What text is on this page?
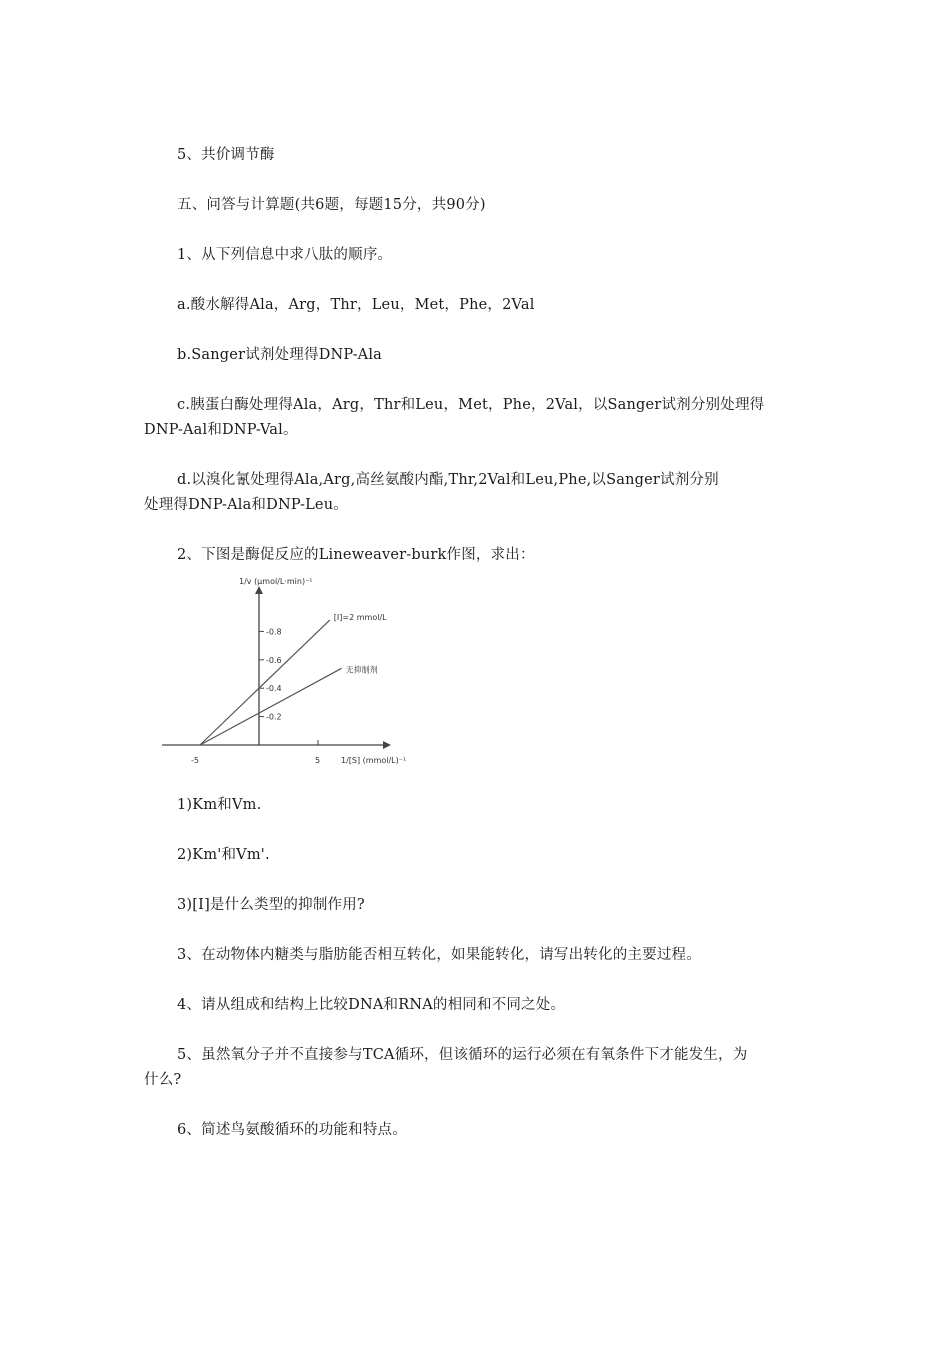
5、共价调节酶
五、问答与计算题(共6题，每题15分，共90分)
1、从下列信息中求八肽的顺序。
a.酸水解得Ala，Arg，Thr，Leu，Met，Phe，2Val
b.Sanger试剂处理得DNP-Ala
c.胰蛋白酶处理得Ala，Arg，Thr和Leu，Met，Phe，2Val，以Sanger试剂分别处理得
DNP-Aal和DNP-Val。
d.以溴化氰处理得Ala,Arg,高丝氨酸内酯,Thr,2Val和Leu,Phe,以Sanger试剂分别
处理得DNP-Ala和DNP-Leu。
2、下图是酶促反应的Lineweaver-burk作图，求出：
-0.2
-0.4
-0.6
-0.8
-5	5
[I]=2 mmol/L
无抑制剂
1/v (μmol/L·min)⁻¹
1/[S] (mmol/L)⁻¹
1)Km和Vm.
2)Km'和Vm'.
3)[I]是什么类型的抑制作用?
3、在动物体内糖类与脂肪能否相互转化，如果能转化，请写出转化的主要过程。
4、请从组成和结构上比较DNA和RNA的相同和不同之处。
5、虽然氧分子并不直接参与TCA循环，但该循环的运行必须在有氧条件下才能发生，为
什么?
6、简述鸟氨酸循环的功能和特点。
